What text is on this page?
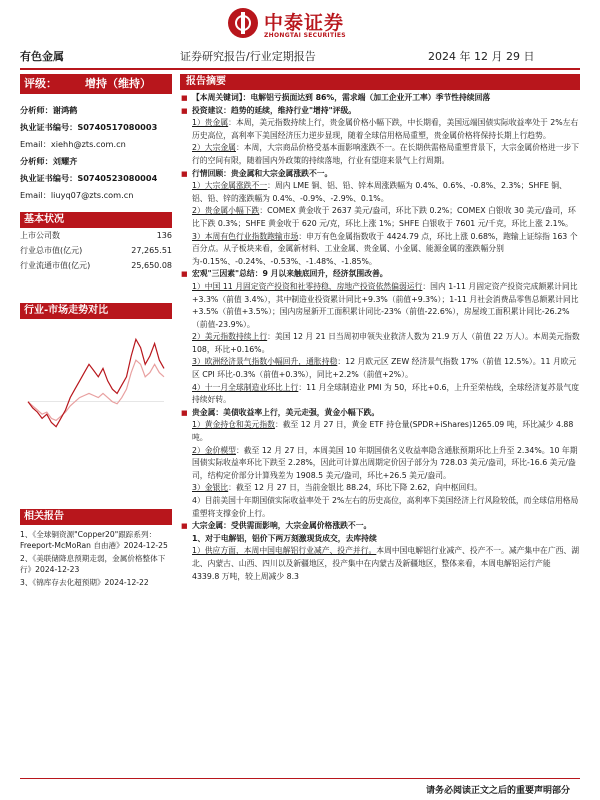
中泰证券
ZHONGTAI SECURITIES
有色金属	证券研究报告/行业定期报告	2024 年 12 月 29 日
评级：	增持（维持）
分析师：谢鸿鹤
执业证书编号：S0740517080003
Email：xiehh@zts.com.cn
分析师：刘耀齐
执业证书编号：S0740523080004
Email：liuyq07@zts.com.cn
基本状况
上市公司数	136
行业总市值(亿元)	27,265.51
行业流通市值(亿元)	25,650.08
行业-市场走势对比
相关报告
1、《全球铜资源"Copper20"跟踪系列：Freeport-McMoRan 自由港》2024-12-25
2、《美联储降息预期走弱，金属价格整体下行》2024-12-23
3、《锦库存去化超预期》2024-12-22
报告摘要
■ 【本周关键词】：电解铝亏损面达到 86%，需求端（加工企业开工率）季节性持续回落
■ 投资建议：趋势的延续，维持行业"增持"评级。
1）贵金属：本周，美元指数持续上行，贵金属价格小幅下跌，中长期看，美国远端国债实际收益率处于 2%左右历史高位，高利率下美国经济压力逆步显现，随着全球信用格局重塑，贵金属价格将保持长期上行趋势。
2）大宗金属：本周，大宗商品价格受基本面影响涨跌不一。在长期供需格局重塑背景下，大宗金属价格进一步下行的空间有限，随着国内外政策的持续落地，行业有望迎来景气上行周期。
■ 行情回顾：贵金属和大宗金属涨跌不一。
1）大宗金属涨跌不一：周内 LME 铜、铝、铅、锌本周涨跌幅为 0.4%、0.6%、-0.8%、2.3%；SHFE 铜、铝、铅、锌的涨跌幅为 0.4%、-0.9%、-2.9%、0.1%。
2）贵金属小幅下跌：COMEX 黄金收于 2637 美元/盎司，环比下跌 0.2%；COMEX 白银收 30 美元/盎司，环比下跌 0.3%；SHFE 黄金收于 620 元/克，环比上涨 1%；SHFE 白银收于 7601 元/千克，环比上涨 2.1%。
3）本周有色行业指数跑输市场：申万有色金属指数收于 4424.79 点，环比上涨 0.68%，跑输上证综指 163 个百分点。从子板块来看，金属新材料、工业金属、贵金属、小金属、能源金属的涨跌幅分别为-0.15%、-0.24%、-0.53%、-1.48%、-1.85%。
■ 宏观"三因素"总结：9 月以来触底回升，经济氛围改善。
1）中国 11 月固定资产投资和社零持稳，房地产投资依然偏弱运行：国内 1-11 月固定资产投资完成额累计同比+3.3%（前值 3.4%），其中制造业投资累计同比+9.3%（前值+9.3%）；1-11 月社会消费品零售总额累计同比+3.5%（前值+3.5%）；国内房屋新开工面积累计同比-23%（前值-22.6%），房屋竣工面积累计同比-26.2%（前值-23.9%）。
2）美元指数持续上行：美国 12 月 21 日当周初申领失业救济人数为 21.9 万人（前值 22 万人）。本周美元指数 108，环比+0.16%。
3）欧洲经济景气指数小幅回升，通胀持稳：12 月欧元区 ZEW 经济景气指数 17%（前值 12.5%）。11 月欧元区 CPI 环比-0.3%（前值+0.3%），同比+2.2%（前值+2%）。
4）十一月全球制造业环比上行：11 月全球制造业 PMI 为 50，环比+0.6，上升至荣枯线，全球经济复苏景气度持续好转。
■ 贵金属：美债收益率上行，美元走强，黄金小幅下跌。
1）黄金持仓和美元指数：截至 12 月 27 日，黄金 ETF 持仓量(SPDR+iShares)1265.09 吨，环比减少 4.88 吨。
2）金价模型：截至 12 月 27 日，本周美国 10 年期国债名义收益率隐含通胀预期环比上升至 2.34%。10 年期国债实际收益率环比下跌至 2.28%，因此可计算出周期定价因子部分为 728.03 美元/盎司，环比-16.6 美元/盎司，结构定价部分计算残差为 1908.5 美元/盎司，环比+26.5 美元/盎司。
3）金银比：截至 12 月 27 日，当前金银比 88.24，环比下降 2.62，向中枢回归。
4）目前美国十年期国债实际收益率处于 2%左右的历史高位，高利率下美国经济上行风险较低，而全球信用格局重塑将支撑金价上行。
■ 大宗金属：受供需面影响，大宗金属价格涨跌不一。
1、对于电解铝，铝价下两万刻激现货成交，去库持续
1）供应方面，本周中国电解铝行业减产、投产并行。本周中国电解铝行业减产、投产不一。减产集中在广西、湖北、内蒙古、山西、四川以及新疆地区，投产集中在内蒙古及新疆地区，整体来看，本周电解铝运行产能 4339.8 万吨，较上周减少 8.3
请务必阅读正文之后的重要声明部分
